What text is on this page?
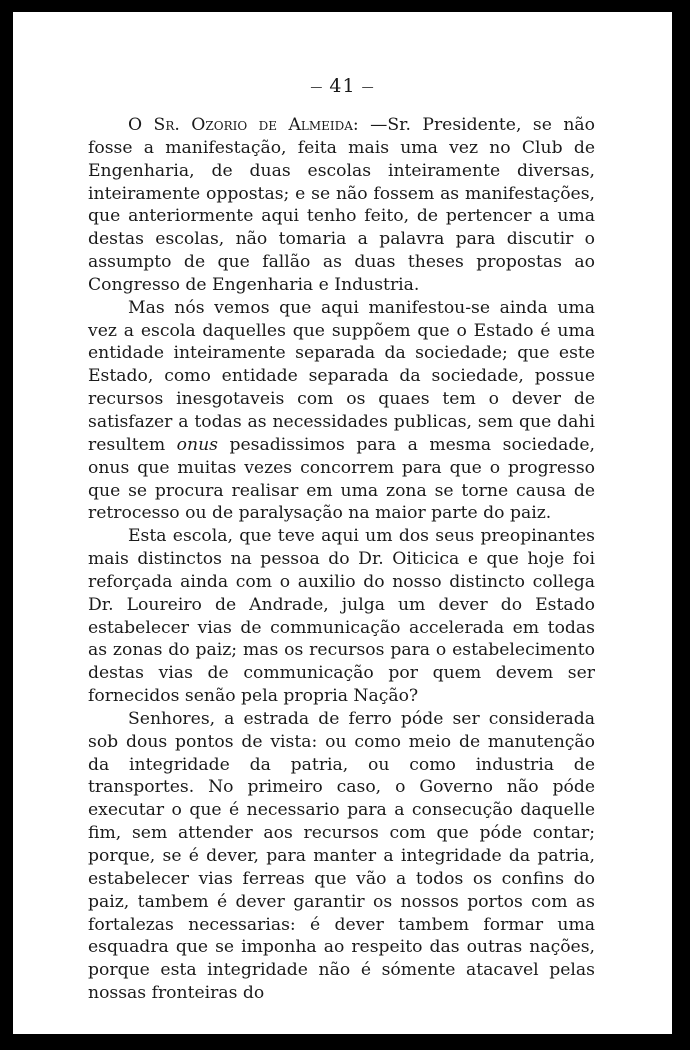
— 41 —

O Sr. Ozorio de Almeida: —Sr. Presidente, se não fosse a manifestação, feita mais uma vez no Club de Engenharia, de duas escolas inteiramente diversas, inteiramente oppostas; e se não fossem as manifestações, que anteriormente aqui tenho feito, de pertencer a uma destas escolas, não tomaria a palavra para discutir o assumpto de que fallão as duas theses propostas ao Congresso de Engenharia e Industria.

Mas nós vemos que aqui manifestou-se ainda uma vez a escola daquelles que suppõem que o Estado é uma entidade inteiramente separada da sociedade; que este Estado, como entidade separada da sociedade, possue recursos inesgotaveis com os quaes tem o dever de satisfazer a todas as necessidades publicas, sem que dahi resultem onus pesadissimos para a mesma sociedade, onus que muitas vezes concorrem para que o progresso que se procura realisar em uma zona se torne causa de retrocesso ou de paralysação na maior parte do paiz.

Esta escola, que teve aqui um dos seus preopinantes mais distinctos na pessoa do Dr. Oiticica e que hoje foi reforçada ainda com o auxilio do nosso distincto collega Dr. Loureiro de Andrade, julga um dever do Estado estabelecer vias de communicação accelerada em todas as zonas do paiz; mas os recursos para o estabelecimento destas vias de communicação por quem devem ser fornecidos senão pela propria Nação?

Senhores, a estrada de ferro póde ser considerada sob dous pontos de vista: ou como meio de manutenção da integridade da patria, ou como industria de transportes. No primeiro caso, o Governo não póde executar o que é necessario para a consecução daquelle fim, sem attender aos recursos com que póde contar; porque, se é dever, para manter a integridade da patria, estabelecer vias ferreas que vão a todos os confins do paiz, tambem é dever garantir os nossos portos com as fortalezas necessarias: é dever tambem formar uma esquadra que se imponha ao respeito das outras nações, porque esta integridade não é sómente atacavel pelas nossas fronteiras do
